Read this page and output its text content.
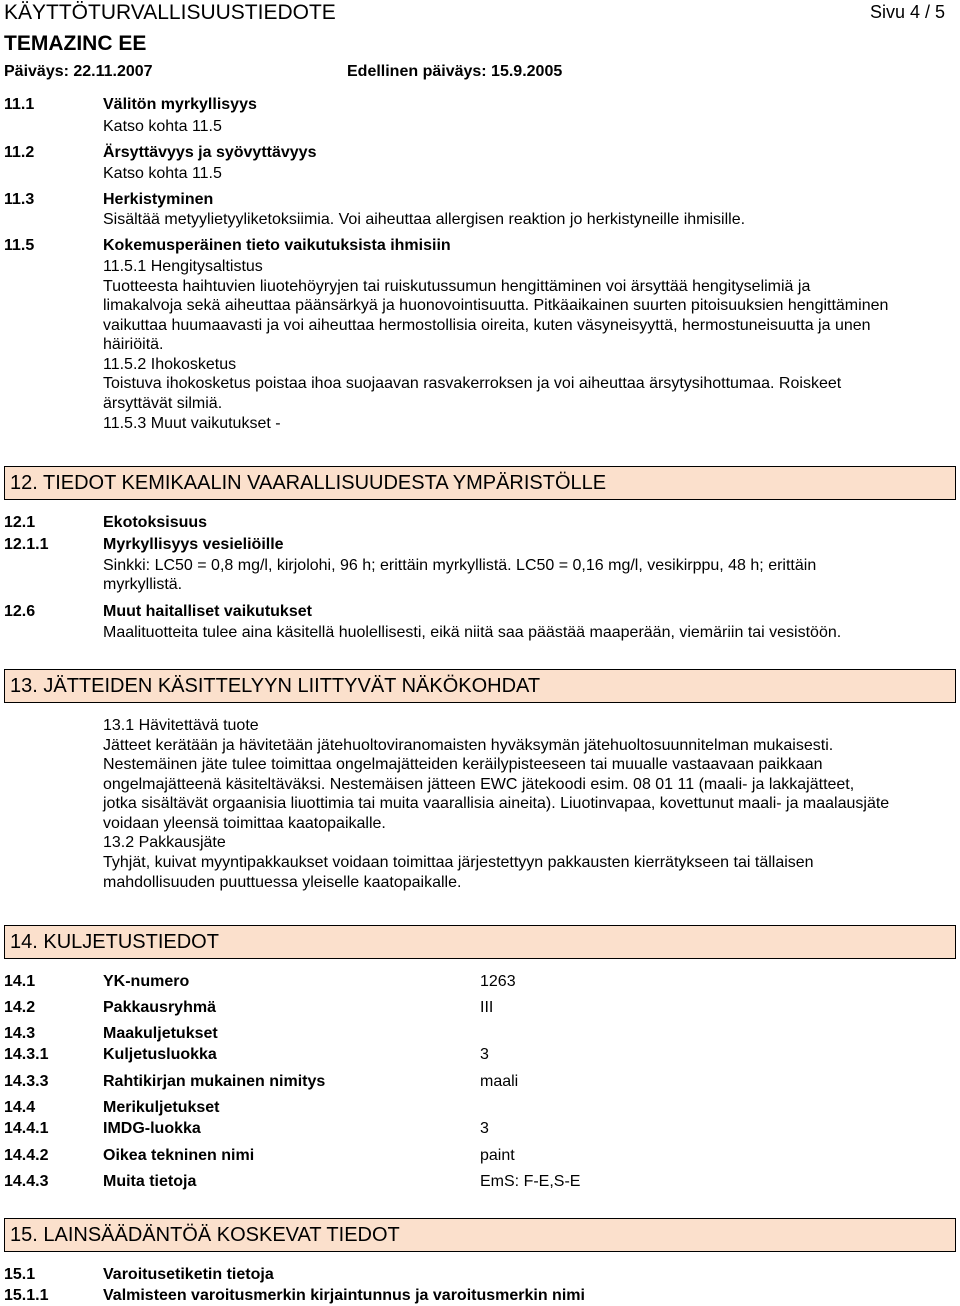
KÄYTTÖTURVALLISUUSTIEDOTE	Sivu 4 / 5
TEMAZINC EE
Päiväys: 22.11.2007	Edellinen päiväys: 15.9.2005
11.1	Välitön myrkyllisyys
Katso kohta 11.5
11.2	Ärsyttävyys ja syövyttävyys
Katso kohta 11.5
11.3	Herkistyminen
Sisältää metyylietyyliketoksiimia. Voi aiheuttaa allergisen reaktion jo herkistyneille ihmisille.
11.5	Kokemusperäinen tieto vaikutuksista ihmisiin
11.5.1 Hengitysaltistus
Tuotteesta haihtuvien liuotehöyryjen tai ruiskutussumun hengittäminen voi ärsyttää hengityselimiä ja
limakalvoja sekä aiheuttaa päänsärkyä ja huonovointisuutta. Pitkäaikainen suurten pitoisuuksien hengittäminen
vaikuttaa huumaavasti ja voi aiheuttaa hermostollisia oireita, kuten väsyneisyyttä, hermostuneisuutta ja unen
häiriöitä.
11.5.2 Ihokosketus
Toistuva ihokosketus poistaa ihoa suojaavan rasvakerroksen ja voi aiheuttaa ärsytysihottumaa. Roiskeet
ärsyttävät silmiä.
11.5.3 Muut vaikutukset -
12. TIEDOT KEMIKAALIN VAARALLISUUDESTA YMPÄRISTÖLLE
12.1	Ekotoksisuus
12.1.1	Myrkyllisyys vesieliöille
Sinkki: LC50 = 0,8 mg/l, kirjolohi, 96 h; erittäin myrkyllistä. LC50 = 0,16 mg/l, vesikirppu, 48 h; erittäin
myrkyllistä.
12.6	Muut haitalliset vaikutukset
Maalituotteita tulee aina käsitellä huolellisesti, eikä niitä saa päästää maaperään, viemäriin tai vesistöön.
13. JÄTTEIDEN KÄSITTELYYN LIITTYVÄT NÄKÖKOHDAT
13.1 Hävitettävä tuote
Jätteet kerätään ja hävitetään jätehuoltoviranomaisten hyväksymän jätehuoltosuunnitelman mukaisesti.
Nestemäinen jäte tulee toimittaa ongelmajätteiden keräilypisteeseen tai muualle vastaavaan paikkaan
ongelmajätteenä käsiteltäväksi. Nestemäisen jätteen EWC jätekoodi esim. 08 01 11 (maali- ja lakkajätteet,
jotka sisältävät orgaanisia liuottimia tai muita vaarallisia aineita). Liuotinvapaa, kovettunut maali- ja maalausjäte
voidaan yleensä toimittaa kaatopaikalle.
13.2 Pakkausjäte
Tyhjät, kuivat myyntipakkaukset voidaan toimittaa järjestettyyn pakkausten kierrätykseen tai tällaisen
mahdollisuuden puuttuessa yleiselle kaatopaikalle.
14. KULJETUSTIEDOT
14.1	YK-numero	1263
14.2	Pakkausryhmä	III
14.3	Maakuljetukset
14.3.1	Kuljetusluokka	3
14.3.3	Rahtikirjan mukainen nimitys	maali
14.4	Merikuljetukset
14.4.1	IMDG-luokka	3
14.4.2	Oikea tekninen nimi	paint
14.4.3	Muita tietoja	EmS: F-E,S-E
15. LAINSÄÄDÄNTÖÄ KOSKEVAT TIEDOT
15.1	Varoitusetiketin tietoja
15.1.1	Valmisteen varoitusmerkin kirjaintunnus ja varoitusmerkin nimi
